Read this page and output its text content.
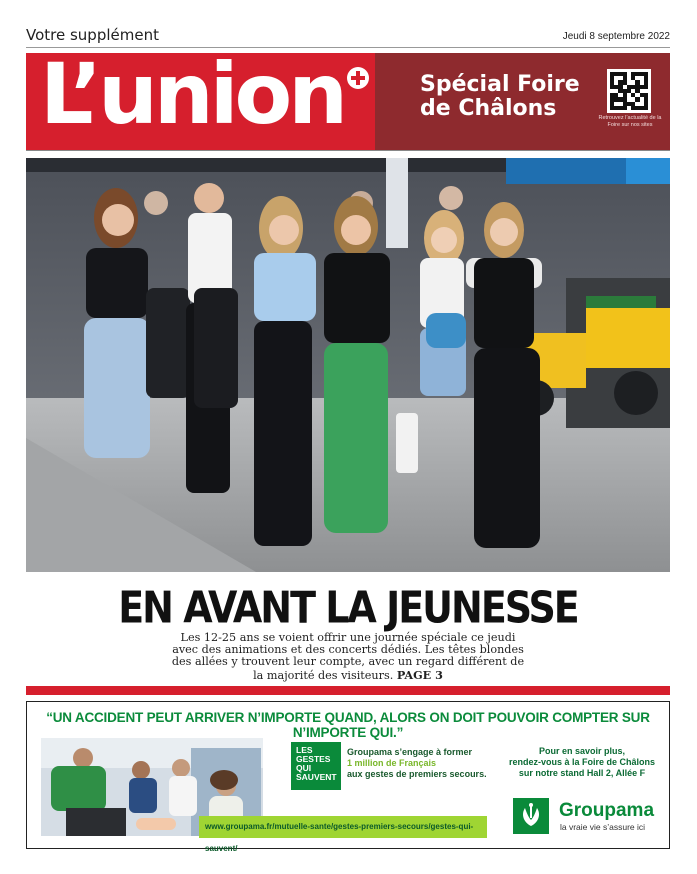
Votre supplément	Jeudi 8 septembre 2022
L’union	Spécial Foire
de Châlons	Retrouvez l’actualité de la Foire sur nos sites
Stéphanie - Jayet
EN AVANT LA JEUNESSE
Les 12-25 ans se voient offrir une journée spéciale ce jeudi avec des animations et des concerts dédiés. Les têtes blondes des allées y trouvent leur compte, avec un regard différent de la majorité des visiteurs. PAGE 3
“UN ACCIDENT PEUT ARRIVER N’IMPORTE QUAND, ALORS ON DOIT POUVOIR COMPTER SUR N’IMPORTE QUI.”
LES
GESTES
QUI
SAUVENT
Groupama s’engage à former
1 million de Français
aux gestes de premiers secours.
www.groupama.fr/mutuelle-sante/gestes-premiers-secours/gestes-qui-sauvent/
Pour en savoir plus,
rendez-vous à la Foire de Châlons
sur notre stand Hall 2, Allée F
Groupama
la vraie vie s’assure ici
